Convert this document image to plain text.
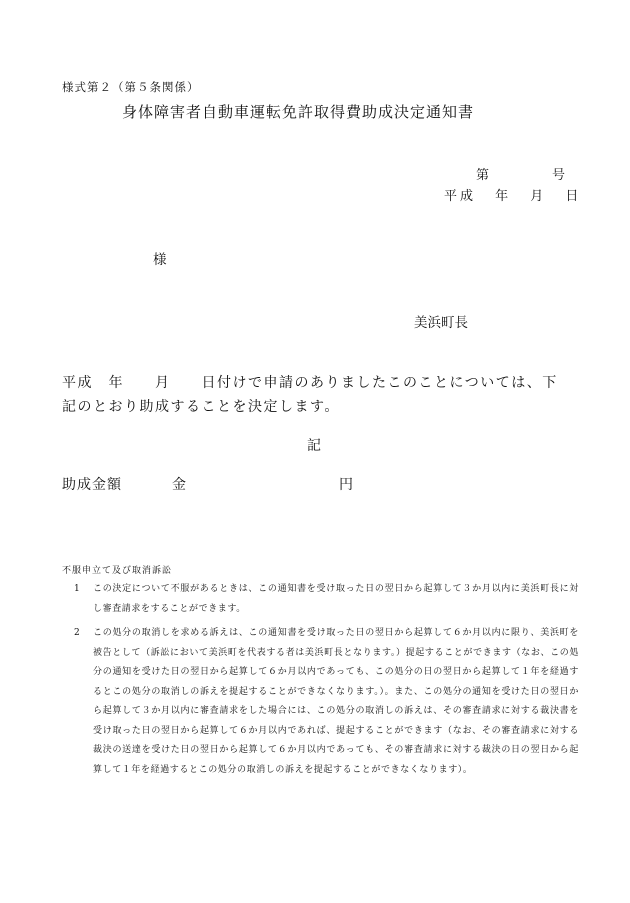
様式第２（第５条関係）
身体障害者自動車運転免許取得費助成決定通知書
第	号
平成 年 月 日
様
美浜町長
平成　年　　月　　日付けで申請のありましたこのことについては、下記のとおり助成することを決定します。
記
助成金額	金	円
不服申立て及び取消訴訟
1 この決定について不服があるときは、この通知書を受け取った日の翌日から起算して３か月以内に美浜町長に対し審査請求をすることができます。
2 この処分の取消しを求める訴えは、この通知書を受け取った日の翌日から起算して６か月以内に限り、美浜町を被告として（訴訟において美浜町を代表する者は美浜町長となります。）提起することができます（なお、この処分の通知を受けた日の翌日から起算して６か月以内であっても、この処分の日の翌日から起算して１年を経過するとこの処分の取消しの訴えを提起することができなくなります。）。また、この処分の通知を受けた日の翌日から起算して３か月以内に審査請求をした場合には、この処分の取消しの訴えは、その審査請求に対する裁決書を受け取った日の翌日から起算して６か月以内であれば、提起することができます（なお、その審査請求に対する裁決の送達を受けた日の翌日から起算して６か月以内であっても、その審査請求に対する裁決の日の翌日から起算して１年を経過するとこの処分の取消しの訴えを提起することができなくなります）。
